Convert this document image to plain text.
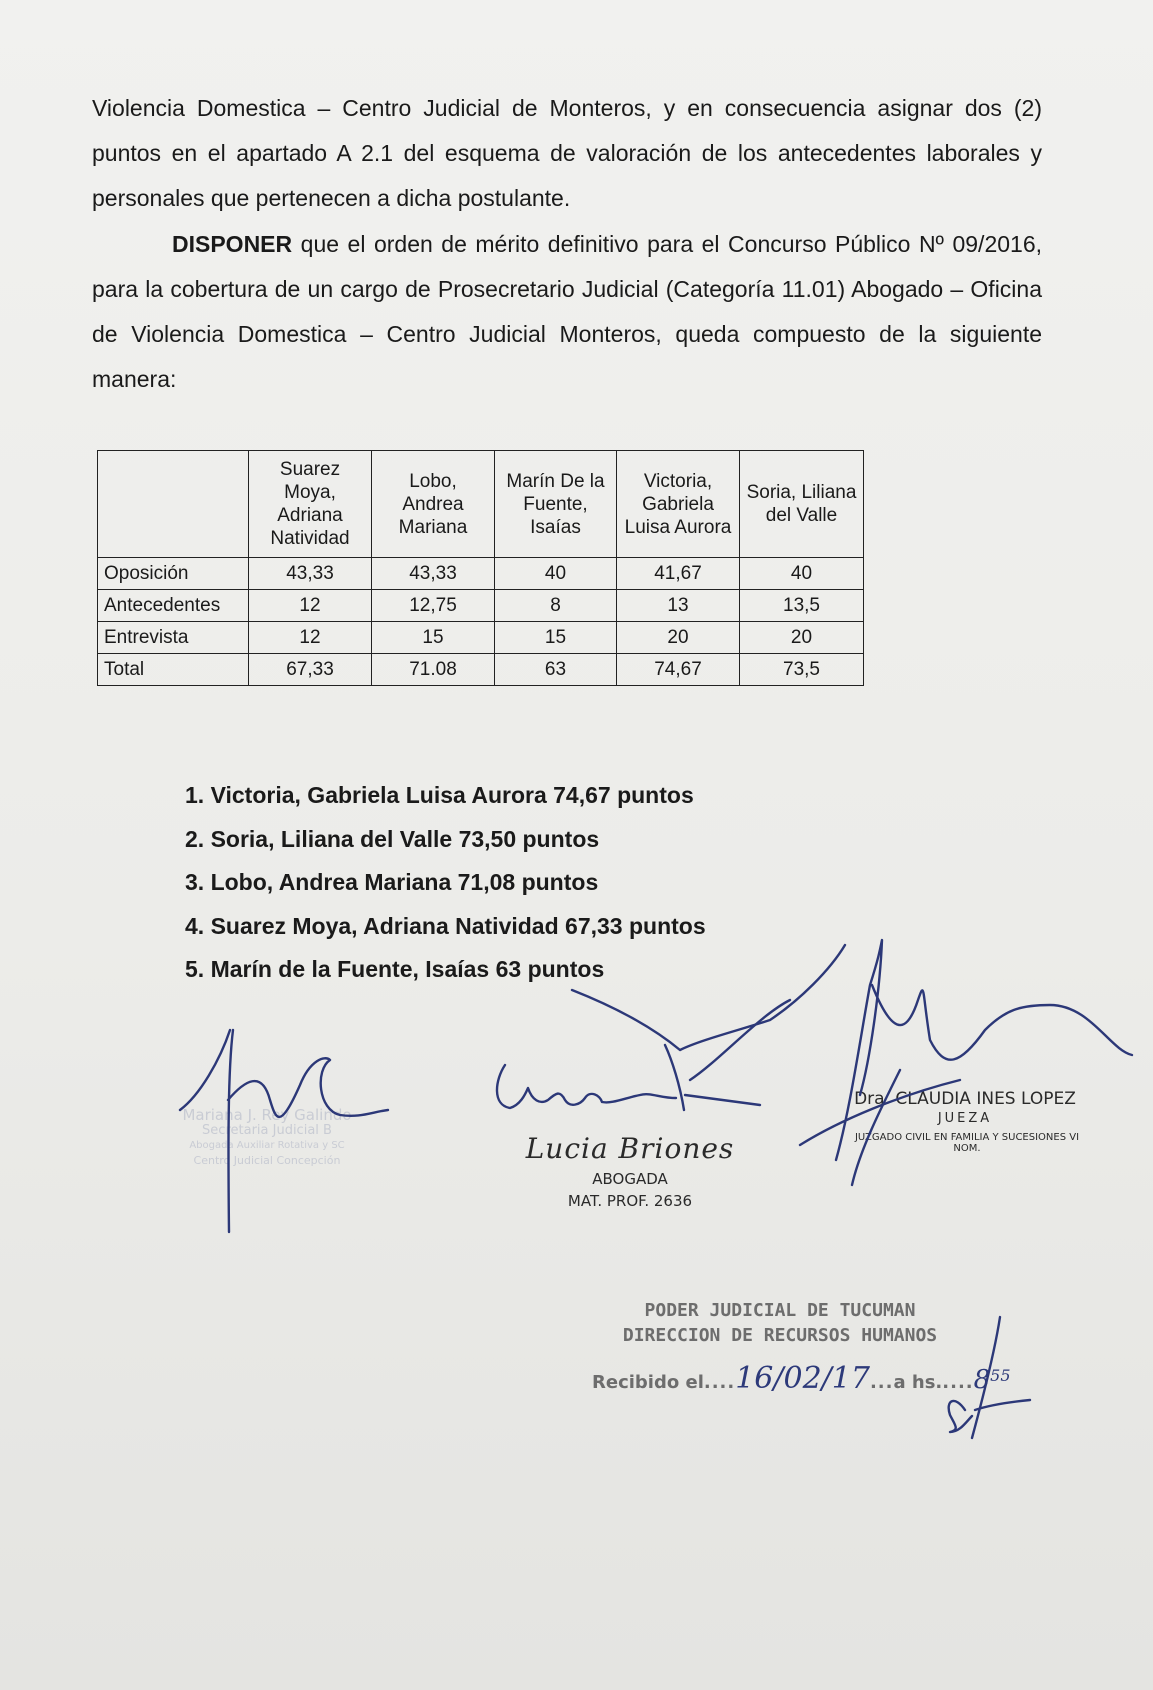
Violencia Domestica – Centro Judicial de Monteros, y en consecuencia asignar dos (2) puntos en el apartado A 2.1 del esquema de valoración de los antecedentes laborales y personales que pertenecen a dicha postulante.

DISPONER que el orden de mérito definitivo para el Concurso Público Nº 09/2016, para la cobertura de un cargo de Prosecretario Judicial (Categoría 11.01) Abogado – Oficina de Violencia Domestica – Centro Judicial Monteros, queda compuesto de la siguiente manera:

	Suarez Moya, Adriana Natividad	Lobo, Andrea Mariana	Marín De la Fuente, Isaías	Victoria, Gabriela Luisa Aurora	Soria, Liliana del Valle
Oposición	43,33	43,33	40	41,67	40
Antecedentes	12	12,75	8	13	13,5
Entrevista	12	15	15	20	20
Total	67,33	71.08	63	74,67	73,5
1. Victoria, Gabriela Luisa Aurora 74,67 puntos
2. Soria, Liliana del Valle 73,50 puntos
3. Lobo, Andrea Mariana 71,08 puntos
4. Suarez Moya, Adriana Natividad 67,33 puntos
5. Marín de la Fuente, Isaías 63 puntos
Mariana J. Rey Galindo
Secretaria Judicial B
Abogada Auxiliar Rotativa y SC
Centro Judicial Concepción	Lucia Briones
ABOGADA
MAT. PROF. 2636
Dra. CLAUDIA INES LOPEZ
JUEZA
JUZGADO CIVIL EN FAMILIA Y SUCESIONES VI NOM.
PODER JUDICIAL DE TUCUMAN
DIRECCION DE RECURSOS HUMANOS
Recibido el....16/02/17...a hs.....8$^{55}$
